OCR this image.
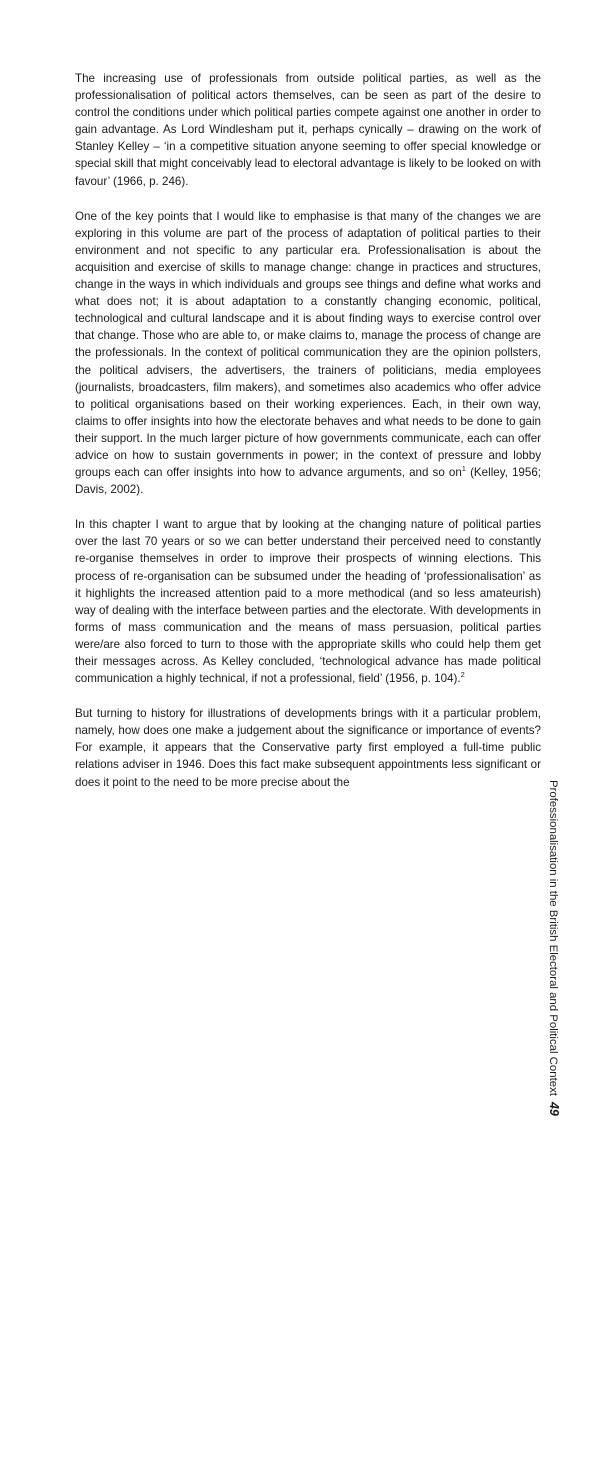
The increasing use of professionals from outside political parties, as well as the professionalisation of political actors themselves, can be seen as part of the desire to control the conditions under which political parties compete against one another in order to gain advantage. As Lord Windlesham put it, perhaps cynically – drawing on the work of Stanley Kelley – ‘in a competitive situation anyone seeming to offer special knowledge or special skill that might conceivably lead to electoral advantage is likely to be looked on with favour’ (1966, p. 246).

One of the key points that I would like to emphasise is that many of the changes we are exploring in this volume are part of the process of adaptation of political parties to their environment and not specific to any particular era. Professionalisation is about the acquisition and exercise of skills to manage change: change in practices and structures, change in the ways in which individuals and groups see things and define what works and what does not; it is about adaptation to a constantly changing economic, political, technological and cultural landscape and it is about finding ways to exercise control over that change. Those who are able to, or make claims to, manage the process of change are the professionals. In the context of political communication they are the opinion pollsters, the political advisers, the advertisers, the trainers of politicians, media employees (journalists, broadcasters, film makers), and sometimes also academics who offer advice to political organisations based on their working experiences. Each, in their own way, claims to offer insights into how the electorate behaves and what needs to be done to gain their support. In the much larger picture of how governments communicate, each can offer advice on how to sustain governments in power; in the context of pressure and lobby groups each can offer insights into how to advance arguments, and so $on^1$ (Kelley, 1956; Davis, 2002).

In this chapter I want to argue that by looking at the changing nature of political parties over the last 70 years or so we can better understand their perceived need to constantly re-organise themselves in order to improve their prospects of winning elections. This process of re-organisation can be subsumed under the heading of ‘professionalisation’ as it highlights the increased attention paid to a more methodical (and so less amateurish) way of dealing with the interface between parties and the electorate. With developments in forms of mass communication and the means of mass persuasion, political parties were/are also forced to turn to those with the appropriate skills who could help them get their messages across. As Kelley concluded, ‘technological advance has made political communication a highly technical, if not a professional, field’ (1956, p. 104).$^2$

But turning to history for illustrations of developments brings with it a particular problem, namely, how does one make a judgement about the significance or importance of events? For example, it appears that the Conservative party first employed a full-time public relations adviser in 1946. Does this fact make subsequent appointments less significant or does it point to the need to be more precise about the	Professionalisation in the British Electoral and Political Context49
